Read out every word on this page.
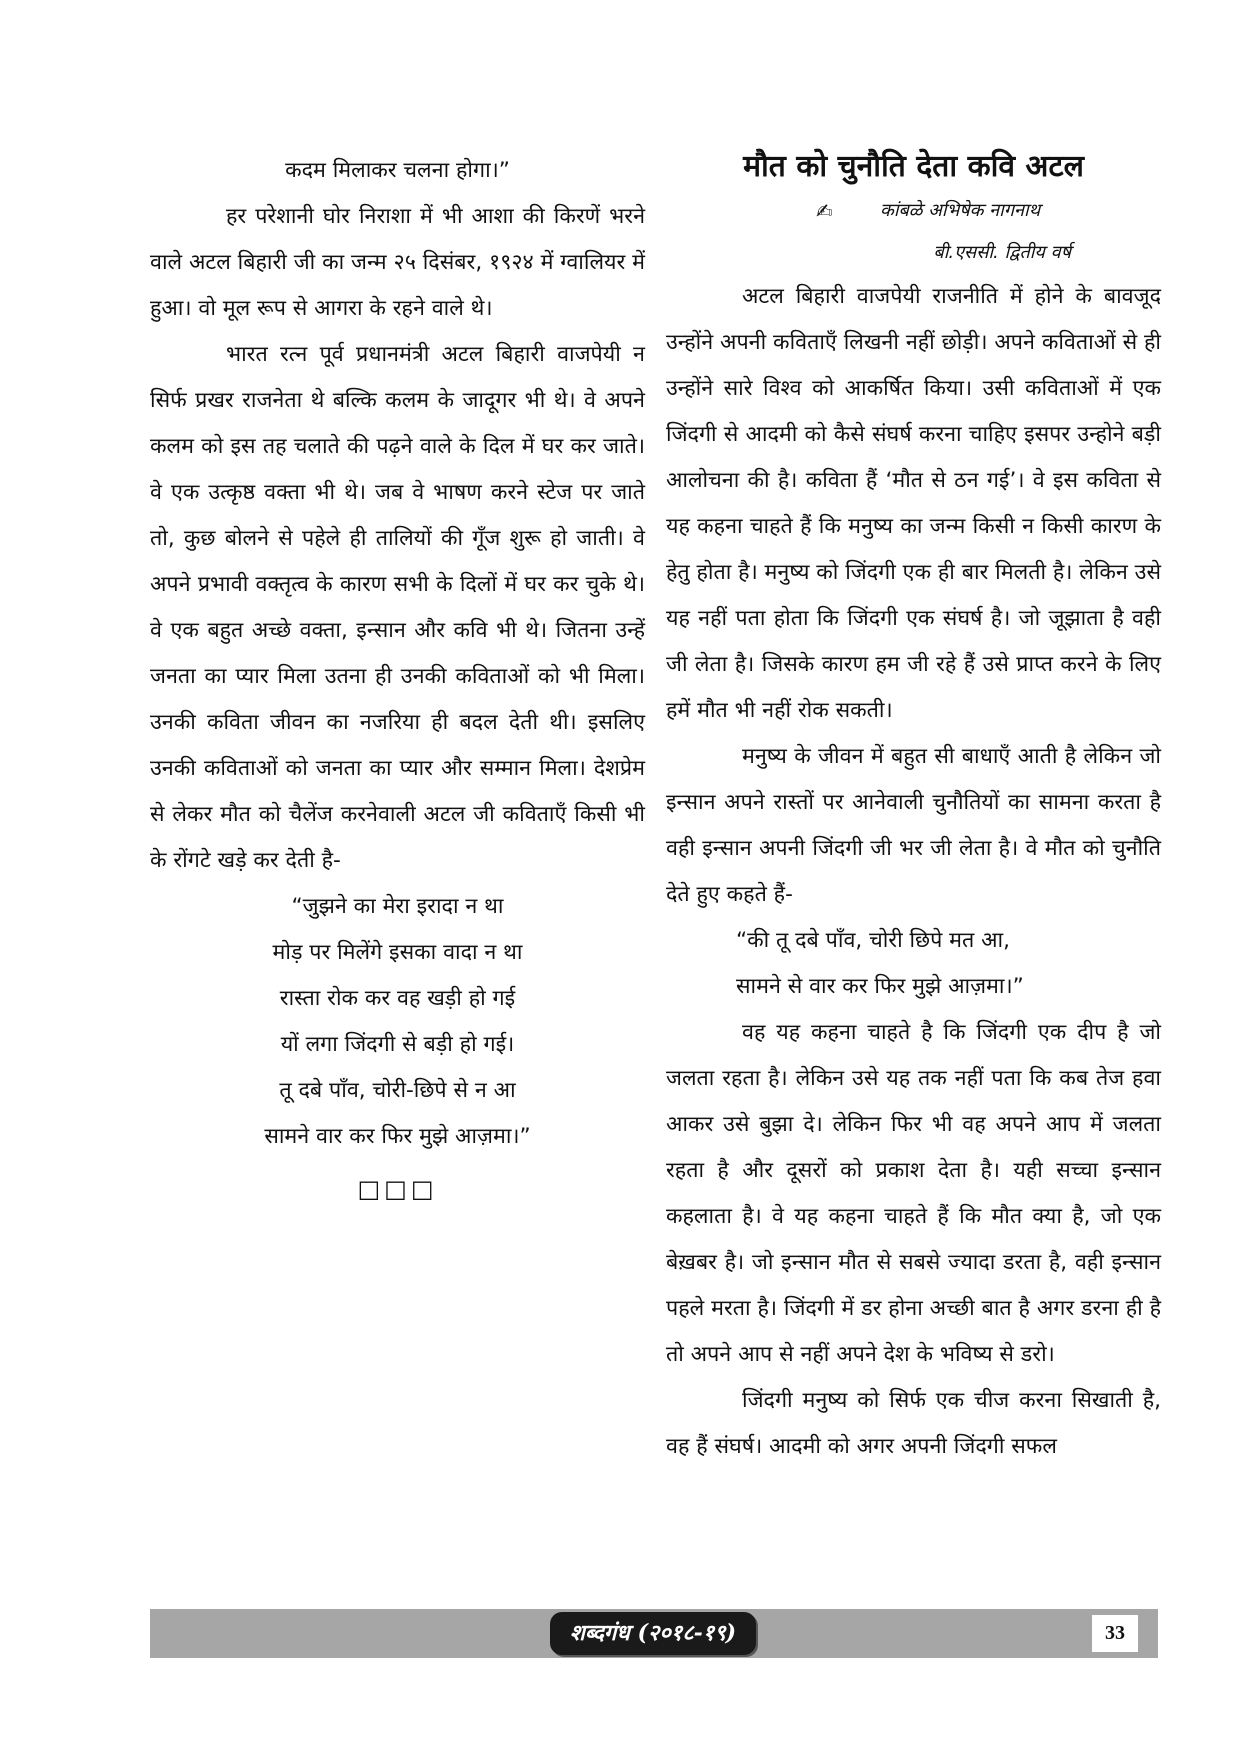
कदम मिलाकर चलना होगा।”

हर परेशानी घोर निराशा में भी आशा की किरणें भरने वाले अटल बिहारी जी का जन्म २५ दिसंबर, १९२४ में ग्वालियर में हुआ। वो मूल रूप से आगरा के रहने वाले थे।

भारत रत्न पूर्व प्रधानमंत्री अटल बिहारी वाजपेयी न सिर्फ प्रखर राजनेता थे बल्कि कलम के जादूगर भी थे। वे अपने कलम को इस तह चलाते की पढ़ने वाले के दिल में घर कर जाते। वे एक उत्कृष्ठ वक्ता भी थे। जब वे भाषण करने स्टेज पर जाते तो, कुछ बोलने से पहेले ही तालियों की गूँज शुरू हो जाती। वे अपने प्रभावी वक्तृत्व के कारण सभी के दिलों में घर कर चुके थे। वे एक बहुत अच्छे वक्ता, इन्सान और कवि भी थे। जितना उन्हें जनता का प्यार मिला उतना ही उनकी कविताओं को भी मिला। उनकी कविता जीवन का नजरिया ही बदल देती थी। इसलिए उनकी कविताओं को जनता का प्यार और सम्मान मिला। देशप्रेम से लेकर मौत को चैलेंज करनेवाली अटल जी कविताएँ किसी भी के रोंगटे खड़े कर देती है-

“जुझने का मेरा इरादा न था

मोड़ पर मिलेंगे इसका वादा न था

रास्ता रोक कर वह खड़ी हो गई

यों लगा जिंदगी से बड़ी हो गई।

तू दबे पाँव, चोरी-छिपे से न आ

सामने वार कर फिर मुझे आज़मा।”

□□□

मौत को चुनौति देता कवि अटल

✍	कांबळे अभिषेक नागनाथ

बी.एससी. द्वितीय वर्ष

अटल बिहारी वाजपेयी राजनीति में होने के बावजूद उन्होंने अपनी कविताएँ लिखनी नहीं छोड़ी। अपने कविताओं से ही उन्होंने सारे विश्व को आकर्षित किया। उसी कविताओं में एक जिंदगी से आदमी को कैसे संघर्ष करना चाहिए इसपर उन्होने बड़ी आलोचना की है। कविता हैं ‘मौत से ठन गई’। वे इस कविता से यह कहना चाहते हैं कि मनुष्य का जन्म किसी न किसी कारण के हेतु होता है। मनुष्य को जिंदगी एक ही बार मिलती है। लेकिन उसे यह नहीं पता होता कि जिंदगी एक संघर्ष है। जो जूझाता है वही जी लेता है। जिसके कारण हम जी रहे हैं उसे प्राप्त करने के लिए हमें मौत भी नहीं रोक सकती।

मनुष्य के जीवन में बहुत सी बाधाएँ आती है लेकिन जो इन्सान अपने रास्तों पर आनेवाली चुनौतियों का सामना करता है वही इन्सान अपनी जिंदगी जी भर जी लेता है। वे मौत को चुनौति देते हुए कहते हैं-

“की तू दबे पाँव, चोरी छिपे मत आ,

सामने से वार कर फिर मुझे आज़मा।”

वह यह कहना चाहते है कि जिंदगी एक दीप है जो जलता रहता है। लेकिन उसे यह तक नहीं पता कि कब तेज हवा आकर उसे बुझा दे। लेकिन फिर भी वह अपने आप में जलता रहता है और दूसरों को प्रकाश देता है। यही सच्चा इन्सान कहलाता है। वे यह कहना चाहते हैं कि मौत क्या है, जो एक बेख़बर है। जो इन्सान मौत से सबसे ज्यादा डरता है, वही इन्सान पहले मरता है। जिंदगी में डर होना अच्छी बात है अगर डरना ही है तो अपने आप से नहीं अपने देश के भविष्य से डरो।

जिंदगी मनुष्य को सिर्फ एक चीज करना सिखाती है, वह हैं संघर्ष। आदमी को अगर अपनी जिंदगी सफल

शब्दगंध (२०१८-१९)	33
